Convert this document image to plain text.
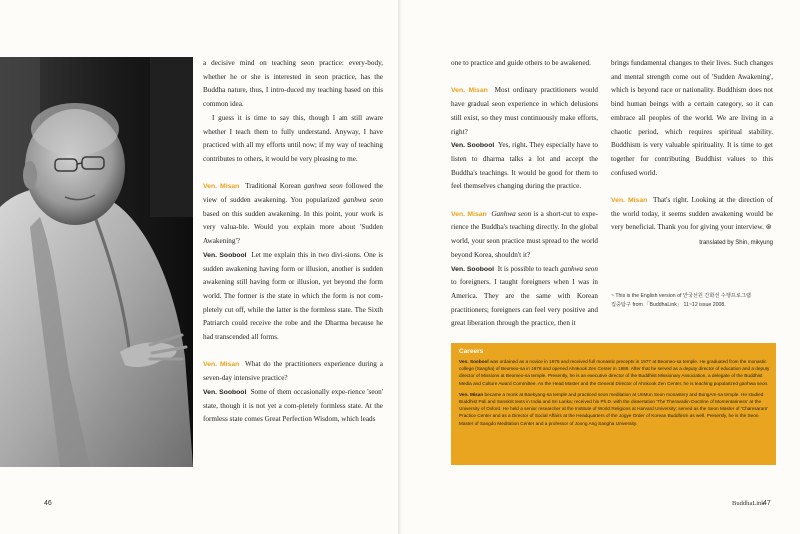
a decisive mind on teaching seon practice: every-body, whether he or she is interested in seon practice, has the Buddha nature, thus, I intro-duced my teaching based on this common idea.

I guess it is time to say this, though I am still aware whether I teach them to fully understand. Anyway, I have practiced with all my efforts until now; if my way of teaching contributes to others, it would be very pleasing to me.

Ven. Misan Traditional Korean ganhwa seon followed the view of sudden awakening. You popularized ganhwa seon based on this sudden awakening. In this point, your work is very valua-ble. Would you explain more about 'Sudden Awakening'?

Ven. Soobool Let me explain this in two divi-sions. One is sudden awakening having form or illusion, another is sudden awakening still having form or illusion, yet beyond the form world. The former is the state in which the form is not com-pletely cut off, while the latter is the formless state. The Sixth Patriarch could receive the robe and the Dharma because he had transcended all forms.

Ven. Misan What do the practitioners experience during a seven-day intensive practice?

Ven. Soobool Some of them occasionally expe-rience 'seon' state, though it is not yet a com-pletely formless state. At the formless state comes Great Perfection Wisdom, which leads

one to practice and guide others to be awakened.

Ven. Misan Most ordinary practitioners would have gradual seon experience in which delusions still exist, so they must continuously make efforts, right?

Ven. Soobool Yes, right. They especially have to listen to dharma talks a lot and accept the Buddha's teachings. It would be good for them to feel themselves changing during the practice.

Ven. Misan Ganhwa seon is a short-cut to expe-rience the Buddha's teaching directly. In the global world, your seon practice must spread to the world beyond Korea, shouldn't it?

Ven. Soobool It is possible to teach ganhwa seon to foreigners. I taught foreigners when I was in America. They are the same with Korean practitioners; foreigners can feel very positive and great liberation through the practice, then it

brings fundamental changes to their lives. Such changes and mental strength come out of 'Sudden Awakening', which is beyond race or nationality. Buddhism does not bind human beings with a certain category, so it can embrace all peoples of the world. We are living in a chaotic period, which requires spiritual stability. Buddhism is very valuable spirituality. It is time to get together for contributing Buddhist values to this confused world.

Ven. Misan That's right. Looking at the direction of the world today, it seems sudden awakening would be very beneficial. Thank you for giving your interview. ⊛

translated by Shin, mikyung
~ This is the English version of 안국선원 간화선 수행프로그램
집중탐구 from 「BuddhaLink」 11~12 issue 2008.
Careers

Ven. Soobool was ordained as a novice in 1975 and received full monastic precepts in 1977 at Beomeo-sa temple. He graduated from the monastic college (Sangha) of Beomeo-sa in 1978 and opened Ahnkook Zen Center in 1989. After that he served as a deputy director of education and a deputy director of Missions at Beomeo-sa temple. Presently, he is an executive director of the Buddhist Missionary Association, a delegate of the Buddhist Media and Culture Award Committee. As the Head Master and the General Director of Ahnkook Zen Center, he is teaching popularized ganhwa seon.

Ven. Misan became a monk at Baekyang-sa temple and practiced seon meditation at UnMun Seon monastery and BongAm-sa temple. He studied Buddhist Pali and Sanskrit texts in India and Sri Lanka; received his Ph.D. with the dissertation 'The Theravadin Doctrine of Momentariness' at the University of Oxford. He held a senior researcher at the Institute of World Religions at Harvard University; served as the Seon Master of 'Chamsaram' Practice Center and as a Director of Social Affairs at the Headquarters of the Jogye Order of Korean Buddhism as well. Presently, he is the Seon Master of Sangdo Meditation Center and a professor of Joong Ang Sangha University.

46	BuddhaLink
47
